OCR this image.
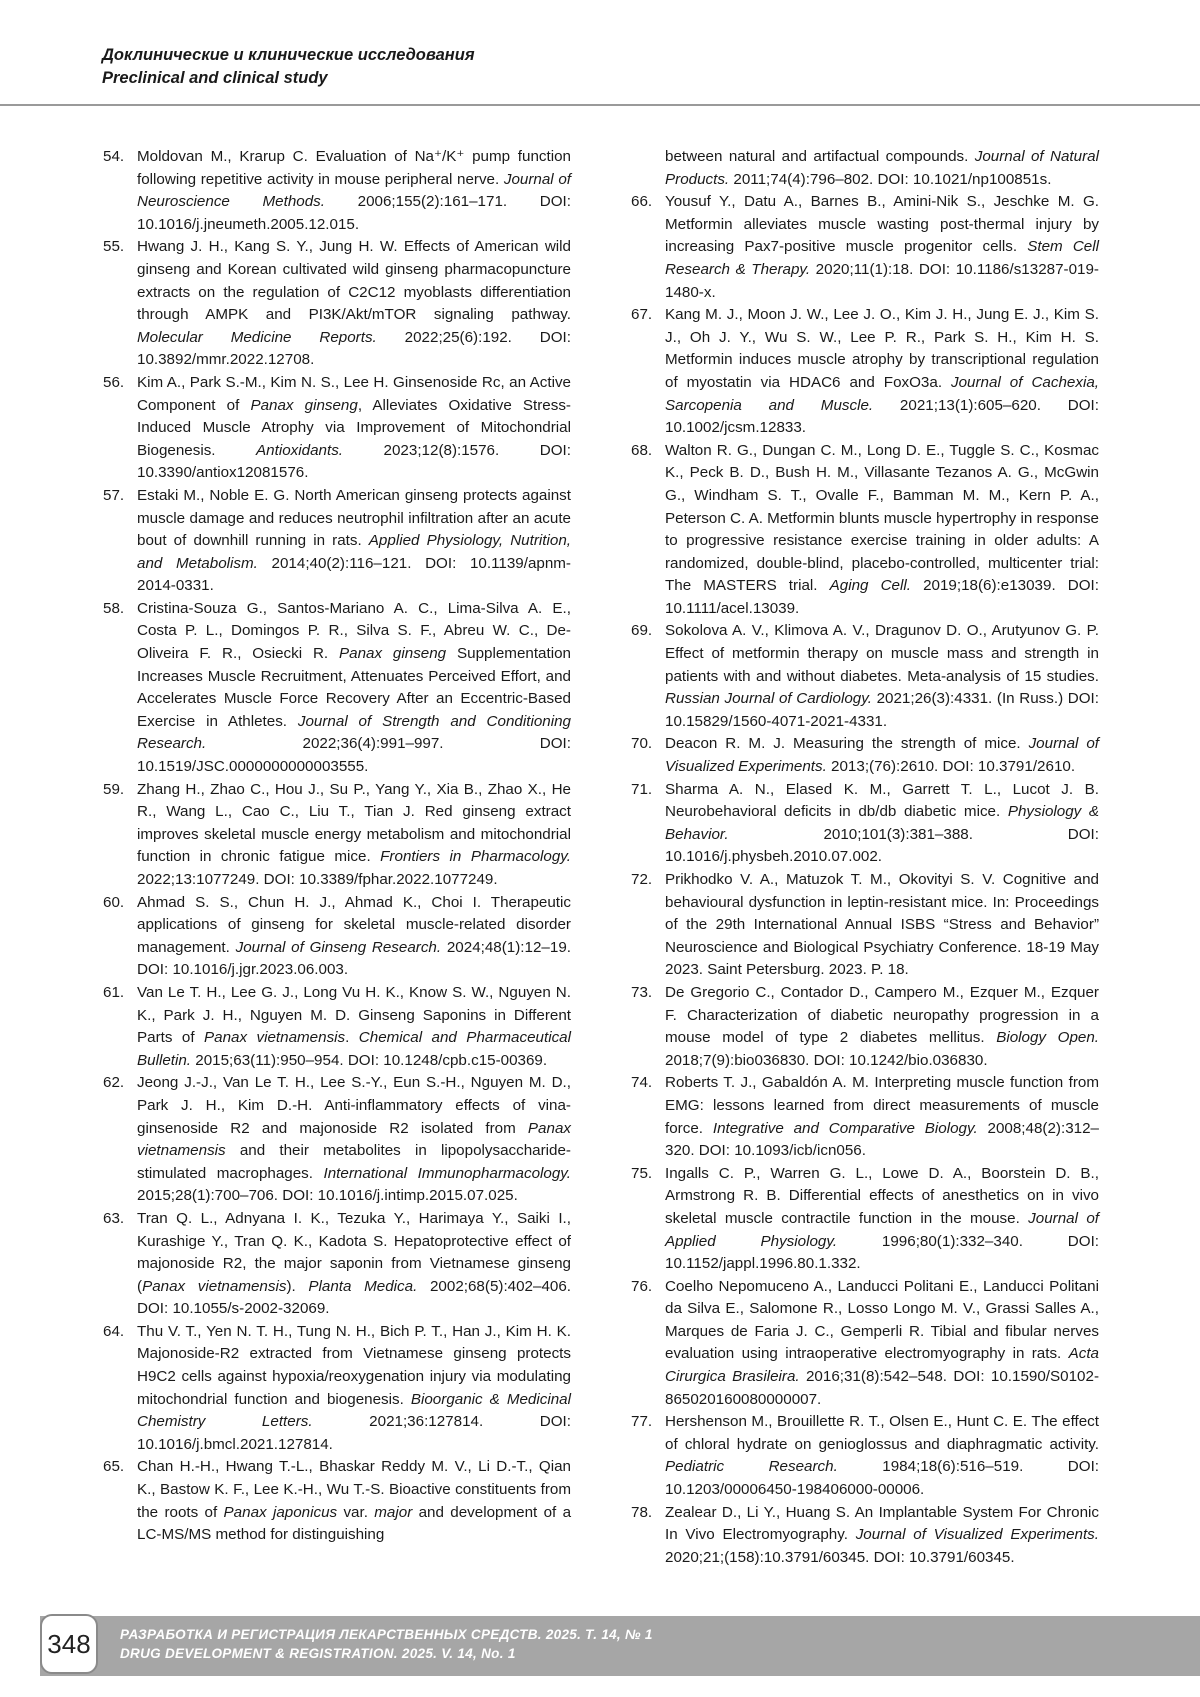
Доклинические и клинические исследования
Preclinical and clinical study

54. Moldovan M., Krarup C. Evaluation of Na⁺/K⁺ pump function following repetitive activity in mouse peripheral nerve. Journal of Neuroscience Methods. 2006;155(2):161–171. DOI: 10.1016/j.jneumeth.2005.12.015.

55. Hwang J. H., Kang S. Y., Jung H. W. Effects of American wild ginseng and Korean cultivated wild ginseng pharmacopuncture extracts on the regulation of C2C12 myoblasts differentiation through AMPK and PI3K/Akt/mTOR signaling pathway. Molecular Medicine Reports. 2022;25(6):192. DOI: 10.3892/mmr.2022.12708.

56. Kim A., Park S.-M., Kim N. S., Lee H. Ginsenoside Rc, an Active Component of Panax ginseng, Alleviates Oxidative Stress-Induced Muscle Atrophy via Improvement of Mitochondrial Biogenesis. Antioxidants. 2023;12(8):1576. DOI: 10.3390/antiox12081576.

57. Estaki M., Noble E. G. North American ginseng protects against muscle damage and reduces neutrophil infiltration after an acute bout of downhill running in rats. Applied Physiology, Nutrition, and Metabolism. 2014;40(2):116–121. DOI: 10.1139/apnm-2014-0331.

58. Cristina-Souza G., Santos-Mariano A. C., Lima-Silva A. E., Costa P. L., Domingos P. R., Silva S. F., Abreu W. C., De-Oliveira F. R., Osiecki R. Panax ginseng Supplementation Increases Muscle Recruitment, Attenuates Perceived Effort, and Accelerates Muscle Force Recovery After an Eccentric-Based Exercise in Athletes. Journal of Strength and Conditioning Research. 2022;36(4):991–997. DOI: 10.1519/JSC.0000000000003555.

59. Zhang H., Zhao C., Hou J., Su P., Yang Y., Xia B., Zhao X., He R., Wang L., Cao C., Liu T., Tian J. Red ginseng extract improves skeletal muscle energy metabolism and mitochondrial function in chronic fatigue mice. Frontiers in Pharmacology. 2022;13:1077249. DOI: 10.3389/fphar.2022.1077249.

60. Ahmad S. S., Chun H. J., Ahmad K., Choi I. Therapeutic applications of ginseng for skeletal muscle-related disorder management. Journal of Ginseng Research. 2024;48(1):12–19. DOI: 10.1016/j.jgr.2023.06.003.

61. Van Le T. H., Lee G. J., Long Vu H. K., Know S. W., Nguyen N. K., Park J. H., Nguyen M. D. Ginseng Saponins in Different Parts of Panax vietnamensis. Chemical and Pharmaceutical Bulletin. 2015;63(11):950–954. DOI: 10.1248/cpb.c15-00369.

62. Jeong J.-J., Van Le T. H., Lee S.-Y., Eun S.-H., Nguyen M. D., Park J. H., Kim D.-H. Anti-inflammatory effects of vina-ginsenoside R2 and majonoside R2 isolated from Panax vietnamensis and their metabolites in lipopolysaccharide-stimulated macrophages. International Immunopharmacology. 2015;28(1):700–706. DOI: 10.1016/j.intimp.2015.07.025.

63. Tran Q. L., Adnyana I. K., Tezuka Y., Harimaya Y., Saiki I., Kurashige Y., Tran Q. K., Kadota S. Hepatoprotective effect of majonoside R2, the major saponin from Vietnamese ginseng (Panax vietnamensis). Planta Medica. 2002;68(5):402–406. DOI: 10.1055/s-2002-32069.

64. Thu V. T., Yen N. T. H., Tung N. H., Bich P. T., Han J., Kim H. K. Majonoside-R2 extracted from Vietnamese ginseng protects H9C2 cells against hypoxia/reoxygenation injury via modulating mitochondrial function and biogenesis. Bioorganic & Medicinal Chemistry Letters. 2021;36:127814. DOI: 10.1016/j.bmcl.2021.127814.

65. Chan H.-H., Hwang T.-L., Bhaskar Reddy M. V., Li D.-T., Qian K., Bastow K. F., Lee K.-H., Wu T.-S. Bioactive constituents from the roots of Panax japonicus var. major and development of a LC-MS/MS method for distinguishing

between natural and artifactual compounds. Journal of Natural Products. 2011;74(4):796–802. DOI: 10.1021/np100851s.

66. Yousuf Y., Datu A., Barnes B., Amini-Nik S., Jeschke M. G. Metformin alleviates muscle wasting post-thermal injury by increasing Pax7-positive muscle progenitor cells. Stem Cell Research & Therapy. 2020;11(1):18. DOI: 10.1186/s13287-019-1480-x.

67. Kang M. J., Moon J. W., Lee J. O., Kim J. H., Jung E. J., Kim S. J., Oh J. Y., Wu S. W., Lee P. R., Park S. H., Kim H. S. Metformin induces muscle atrophy by transcriptional regulation of myostatin via HDAC6 and FoxO3a. Journal of Cachexia, Sarcopenia and Muscle. 2021;13(1):605–620. DOI: 10.1002/jcsm.12833.

68. Walton R. G., Dungan C. M., Long D. E., Tuggle S. C., Kosmac K., Peck B. D., Bush H. M., Villasante Tezanos A. G., McGwin G., Windham S. T., Ovalle F., Bamman M. M., Kern P. A., Peterson C. A. Metformin blunts muscle hypertrophy in response to progressive resistance exercise training in older adults: A randomized, double-blind, placebo-controlled, multicenter trial: The MASTERS trial. Aging Cell. 2019;18(6):e13039. DOI: 10.1111/acel.13039.

69. Sokolova A. V., Klimova A. V., Dragunov D. O., Arutyunov G. P. Effect of metformin therapy on muscle mass and strength in patients with and without diabetes. Meta-analysis of 15 studies. Russian Journal of Cardiology. 2021;26(3):4331. (In Russ.) DOI: 10.15829/1560-4071-2021-4331.

70. Deacon R. M. J. Measuring the strength of mice. Journal of Visualized Experiments. 2013;(76):2610. DOI: 10.3791/2610.

71. Sharma A. N., Elased K. M., Garrett T. L., Lucot J. B. Neurobehavioral deficits in db/db diabetic mice. Physiology & Behavior. 2010;101(3):381–388. DOI: 10.1016/j.physbeh.2010.07.002.

72. Prikhodko V. A., Matuzok T. M., Okovityi S. V. Cognitive and behavioural dysfunction in leptin-resistant mice. In: Proceedings of the 29th International Annual ISBS “Stress and Behavior” Neuroscience and Biological Psychiatry Conference. 18-19 May 2023. Saint Petersburg. 2023. P. 18.

73. De Gregorio C., Contador D., Campero M., Ezquer M., Ezquer F. Characterization of diabetic neuropathy progression in a mouse model of type 2 diabetes mellitus. Biology Open. 2018;7(9):bio036830. DOI: 10.1242/bio.036830.

74. Roberts T. J., Gabaldón A. M. Interpreting muscle function from EMG: lessons learned from direct measurements of muscle force. Integrative and Comparative Biology. 2008;48(2):312–320. DOI: 10.1093/icb/icn056.

75. Ingalls C. P., Warren G. L., Lowe D. A., Boorstein D. B., Armstrong R. B. Differential effects of anesthetics on in vivo skeletal muscle contractile function in the mouse. Journal of Applied Physiology. 1996;80(1):332–340. DOI: 10.1152/jappl.1996.80.1.332.

76. Coelho Nepomuceno A., Landucci Politani E., Landucci Politani da Silva E., Salomone R., Losso Longo M. V., Grassi Salles A., Marques de Faria J. C., Gemperli R. Tibial and fibular nerves evaluation using intraoperative electromyography in rats. Acta Cirurgica Brasileira. 2016;31(8):542–548. DOI: 10.1590/S0102-865020160080000007.

77. Hershenson M., Brouillette R. T., Olsen E., Hunt C. E. The effect of chloral hydrate on genioglossus and diaphragmatic activity. Pediatric Research. 1984;18(6):516–519. DOI: 10.1203/00006450-198406000-00006.

78. Zealear D., Li Y., Huang S. An Implantable System For Chronic In Vivo Electromyography. Journal of Visualized Experiments. 2020;21;(158):10.3791/60345. DOI: 10.3791/60345.

348	РАЗРАБОТКА И РЕГИСТРАЦИЯ ЛЕКАРСТВЕННЫХ СРЕДСТВ. 2025. Т. 14, № 1
DRUG DEVELOPMENT & REGISTRATION. 2025. V. 14, No. 1
